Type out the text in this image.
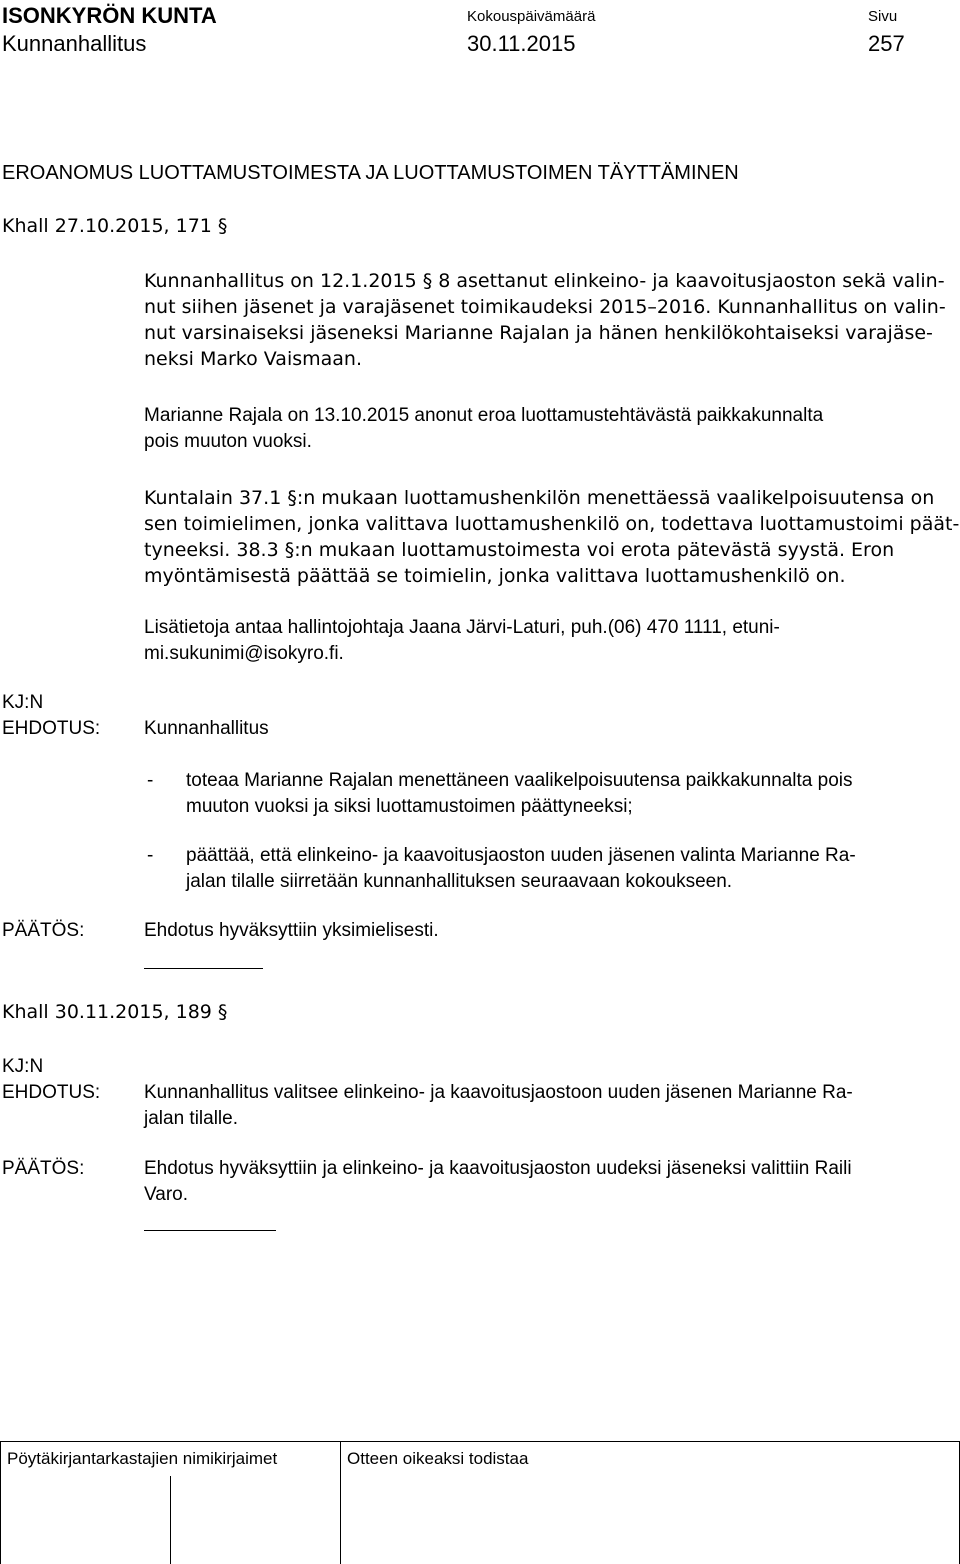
ISONKYRÖN KUNTA
Kunnanhallitus
Kokouspäivämäärä
30.11.2015
Sivu
257
EROANOMUS LUOTTAMUSTOIMESTA JA LUOTTAMUSTOIMEN TÄYTTÄMINEN
Khall 27.10.2015, 171 §
Kunnanhallitus on 12.1.2015 § 8 asettanut elinkeino- ja kaavoitusjaoston sekä valin-
nut siihen jäsenet ja varajäsenet toimikaudeksi 2015–2016. Kunnanhallitus on valin-
nut varsinaiseksi jäseneksi Marianne Rajalan ja hänen henkilökohtaiseksi varajäse-
neksi Marko Vaismaan.
Marianne Rajala on 13.10.2015 anonut eroa luottamustehtävästä paikkakunnalta
pois muuton vuoksi.
Kuntalain 37.1 §:n mukaan luottamushenkilön menettäessä vaalikelpoisuutensa on
sen toimielimen, jonka valittava luottamushenkilö on, todettava luottamustoimi päät-
tyneeksi. 38.3 §:n mukaan luottamustoimesta voi erota pätevästä syystä. Eron
myöntämisestä päättää se toimielin, jonka valittava luottamushenkilö on.
Lisätietoja antaa hallintojohtaja Jaana Järvi-Laturi, puh.(06) 470 1111, etuni-
mi.sukunimi@isokyro.fi.
KJ:N
EHDOTUS: Kunnanhallitus
- toteaa Marianne Rajalan menettäneen vaalikelpoisuutensa paikkakunnalta pois
muuton vuoksi ja siksi luottamustoimen päättyneeksi;
- päättää, että elinkeino- ja kaavoitusjaoston uuden jäsenen valinta Marianne Ra-
jalan tilalle siirretään kunnanhallituksen seuraavaan kokoukseen.
PÄÄTÖS:	Ehdotus hyväksyttiin yksimielisesti.
Khall 30.11.2015, 189 §
KJ:N
EHDOTUS: Kunnanhallitus valitsee elinkeino- ja kaavoitusjaostoon uuden jäsenen Marianne Ra-
jalan tilalle.
PÄÄTÖS:	Ehdotus hyväksyttiin ja elinkeino- ja kaavoitusjaoston uudeksi jäseneksi valittiin Raili
Varo.
Pöytäkirjantarkastajien nimikirjaimet	Otteen oikeaksi todistaa
